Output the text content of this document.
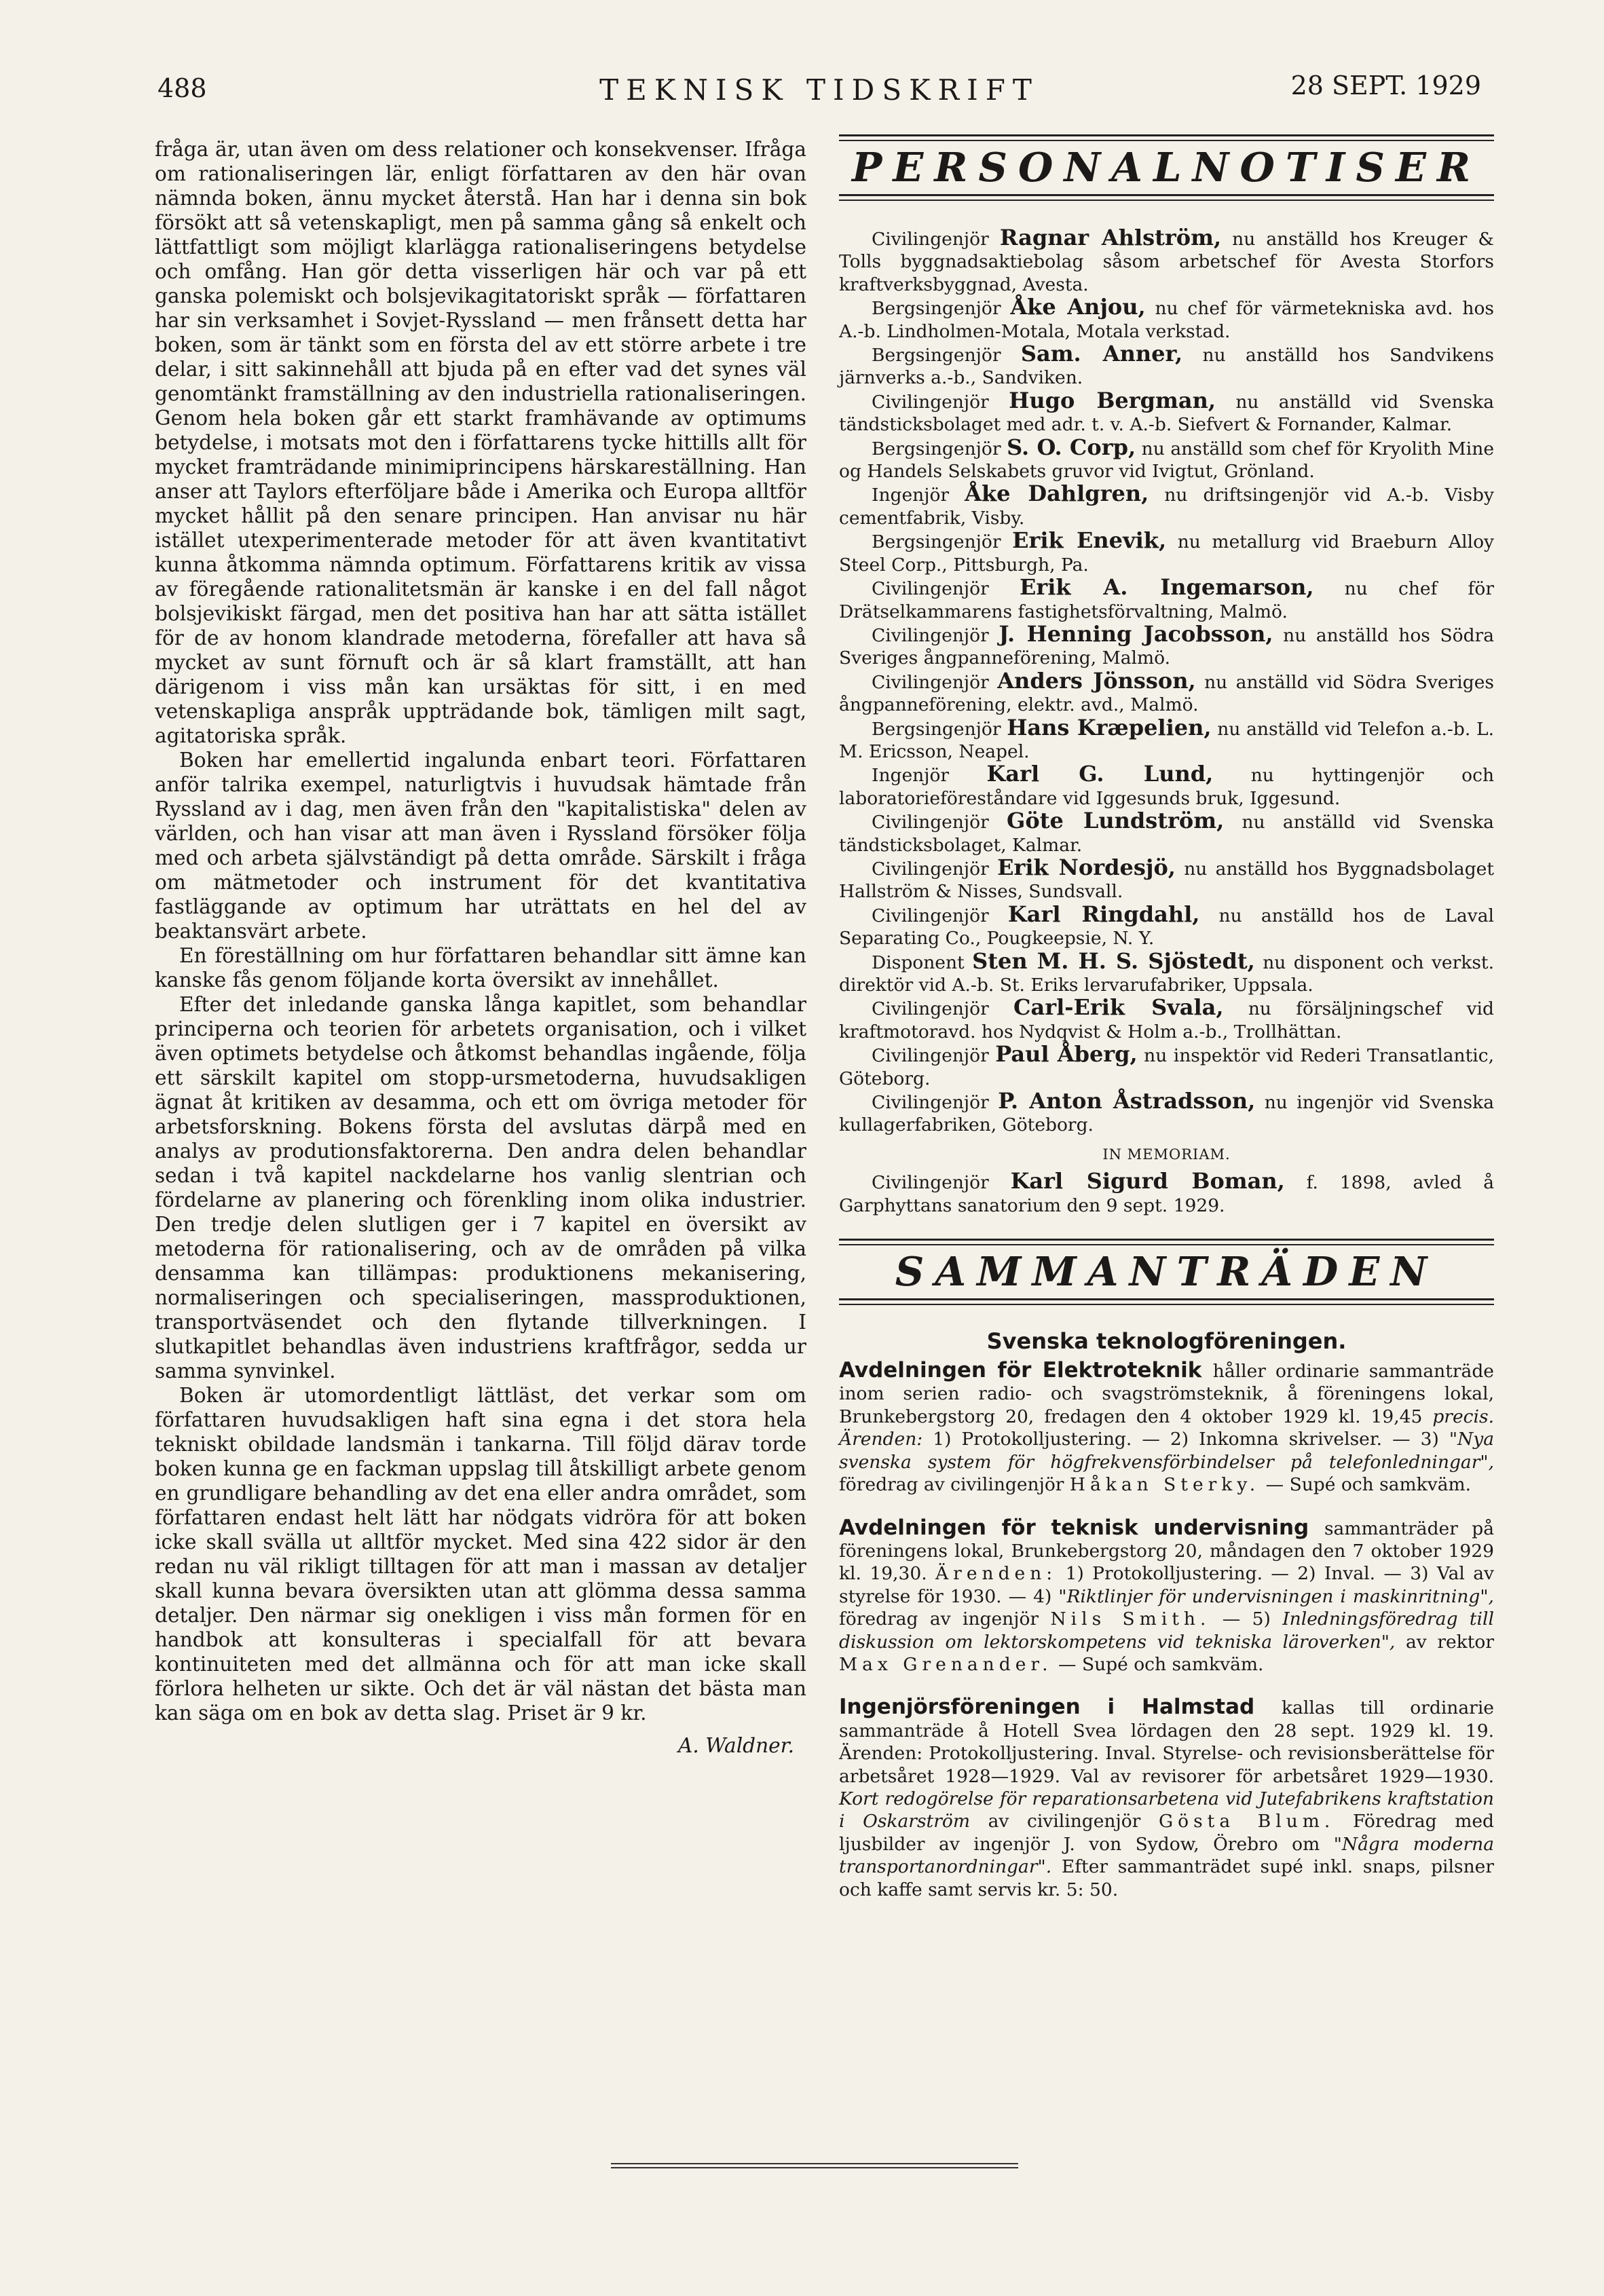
488	TEKNISK TIDSKRIFT	28 SEPT. 1929

fråga är, utan även om dess relationer och konsekvenser. Ifråga om rationaliseringen lär, enligt författaren av den här ovan nämnda boken, ännu mycket återstå. Han har i denna sin bok försökt att så vetenskapligt, men på samma gång så enkelt och lättfattligt som möjligt klarlägga rationaliseringens betydelse och omfång. Han gör detta visserligen här och var på ett ganska polemiskt och bolsjevikagitatoriskt språk — författaren har sin verksamhet i Sovjet-Ryssland — men frånsett detta har boken, som är tänkt som en första del av ett större arbete i tre delar, i sitt sakinnehåll att bjuda på en efter vad det synes väl genomtänkt framställning av den industriella rationaliseringen. Genom hela boken går ett starkt framhävande av optimums betydelse, i motsats mot den i författarens tycke hittills allt för mycket framträdande minimiprincipens härskareställning. Han anser att Taylors efterföljare både i Amerika och Europa alltför mycket hållit på den senare principen. Han anvisar nu här istället utexperimenterade metoder för att även kvantitativt kunna åtkomma nämnda optimum. Författarens kritik av vissa av föregående rationalitetsmän är kanske i en del fall något bolsjevikiskt färgad, men det positiva han har att sätta istället för de av honom klandrade metoderna, förefaller att hava så mycket av sunt förnuft och är så klart framställt, att han därigenom i viss mån kan ursäktas för sitt, i en med vetenskapliga anspråk uppträdande bok, tämligen milt sagt, agitatoriska språk.

Boken har emellertid ingalunda enbart teori. Författaren anför talrika exempel, naturligtvis i huvudsak hämtade från Ryssland av i dag, men även från den "kapitalistiska" delen av världen, och han visar att man även i Ryssland försöker följa med och arbeta självständigt på detta område. Särskilt i fråga om mätmetoder och instrument för det kvantitativa fastläggande av optimum har uträttats en hel del av beaktansvärt arbete.

En föreställning om hur författaren behandlar sitt ämne kan kanske fås genom följande korta översikt av innehållet.

Efter det inledande ganska långa kapitlet, som behandlar principerna och teorien för arbetets organisation, och i vilket även optimets betydelse och åtkomst behandlas ingående, följa ett särskilt kapitel om stopp-ursmetoderna, huvudsakligen ägnat åt kritiken av desamma, och ett om övriga metoder för arbetsforskning. Bokens första del avslutas därpå med en analys av produtionsfaktorerna. Den andra delen behandlar sedan i två kapitel nackdelarne hos vanlig slentrian och fördelarne av planering och förenkling inom olika industrier. Den tredje delen slutligen ger i 7 kapitel en översikt av metoderna för rationalisering, och av de områden på vilka densamma kan tillämpas: produktionens mekanisering, normaliseringen och specialiseringen, massproduktionen, transportväsendet och den flytande tillverkningen. I slutkapitlet behandlas även industriens kraftfrågor, sedda ur samma synvinkel.

Boken är utomordentligt lättläst, det verkar som om författaren huvudsakligen haft sina egna i det stora hela tekniskt obildade landsmän i tankarna. Till följd därav torde boken kunna ge en fackman uppslag till åtskilligt arbete genom en grundligare behandling av det ena eller andra området, som författaren endast helt lätt har nödgats vidröra för att boken icke skall svälla ut alltför mycket. Med sina 422 sidor är den redan nu väl rikligt tilltagen för att man i massan av detaljer skall kunna bevara översikten utan att glömma dessa samma detaljer. Den närmar sig onekligen i viss mån formen för en handbok att konsulteras i specialfall för att bevara kontinuiteten med det allmänna och för att man icke skall förlora helheten ur sikte. Och det är väl nästan det bästa man kan säga om en bok av detta slag. Priset är 9 kr.

A. Waldner.
PERSONALNOTISER

Civilingenjör Ragnar Ahlström, nu anställd hos Kreuger & Tolls byggnadsaktiebolag såsom arbetschef för Avesta Storfors kraftverksbyggnad, Avesta.

Bergsingenjör Åke Anjou, nu chef för värmetekniska avd. hos A.-b. Lindholmen-Motala, Motala verkstad.

Bergsingenjör Sam. Anner, nu anställd hos Sandvikens järnverks a.-b., Sandviken.

Civilingenjör Hugo Bergman, nu anställd vid Svenska tändsticksbolaget med adr. t. v. A.-b. Siefvert & Fornander, Kalmar.

Bergsingenjör S. O. Corp, nu anställd som chef för Kryolith Mine og Handels Selskabets gruvor vid Ivigtut, Grönland.

Ingenjör Åke Dahlgren, nu driftsingenjör vid A.-b. Visby cementfabrik, Visby.

Bergsingenjör Erik Enevik, nu metallurg vid Braeburn Alloy Steel Corp., Pittsburgh, Pa.

Civilingenjör Erik A. Ingemarson, nu chef för Drätselkammarens fastighetsförvaltning, Malmö.

Civilingenjör J. Henning Jacobsson, nu anställd hos Södra Sveriges ångpanneförening, Malmö.

Civilingenjör Anders Jönsson, nu anställd vid Södra Sveriges ångpanneförening, elektr. avd., Malmö.

Bergsingenjör Hans Kræpelien, nu anställd vid Telefon a.-b. L. M. Ericsson, Neapel.

Ingenjör Karl G. Lund, nu hyttingenjör och laboratorieföreståndare vid Iggesunds bruk, Iggesund.

Civilingenjör Göte Lundström, nu anställd vid Svenska tändsticksbolaget, Kalmar.

Civilingenjör Erik Nordesjö, nu anställd hos Byggnadsbolaget Hallström & Nisses, Sundsvall.

Civilingenjör Karl Ringdahl, nu anställd hos de Laval Separating Co., Pougkeepsie, N. Y.

Disponent Sten M. H. S. Sjöstedt, nu disponent och verkst. direktör vid A.-b. St. Eriks lervarufabriker, Uppsala.

Civilingenjör Carl-Erik Svala, nu försäljningschef vid kraftmotoravd. hos Nydqvist & Holm a.-b., Trollhättan.

Civilingenjör Paul Åberg, nu inspektör vid Rederi Transatlantic, Göteborg.

Civilingenjör P. Anton Åstradsson, nu ingenjör vid Svenska kullagerfabriken, Göteborg.

IN MEMORIAM.

Civilingenjör Karl Sigurd Boman, f. 1898, avled å Garphyttans sanatorium den 9 sept. 1929.

SAMMANTRÄDEN
Svenska teknologföreningen.

Avdelningen för Elektroteknik håller ordinarie sammanträde inom serien radio- och svagströmsteknik, å föreningens lokal, Brunkebergstorg 20, fredagen den 4 oktober 1929 kl. 19,45 precis. Ärenden: 1) Protokolljustering. — 2) Inkomna skrivelser. — 3) "Nya svenska system för högfrekvensförbindelser på telefonledningar", föredrag av civilingenjör Håkan Sterky. — Supé och samkväm.

Avdelningen för teknisk undervisning sammanträder på föreningens lokal, Brunkebergstorg 20, måndagen den 7 oktober 1929 kl. 19,30. Ärenden: 1) Protokolljustering. — 2) Inval. — 3) Val av styrelse för 1930. — 4) "Riktlinjer för undervisningen i maskinritning", föredrag av ingenjör Nils Smith. — 5) Inledningsföredrag till diskussion om lektorskompetens vid tekniska läroverken", av rektor Max Grenander. — Supé och samkväm.

Ingenjörsföreningen i Halmstad kallas till ordinarie sammanträde å Hotell Svea lördagen den 28 sept. 1929 kl. 19. Ärenden: Protokolljustering. Inval. Styrelse- och revisionsberättelse för arbetsåret 1928—1929. Val av revisorer för arbetsåret 1929—1930. Kort redogörelse för reparationsarbetena vid Jutefabrikens kraftstation i Oskarström av civilingenjör Gösta Blum. Föredrag med ljusbilder av ingenjör J. von Sydow, Örebro om "Några moderna transportanordningar". Efter sammanträdet supé inkl. snaps, pilsner och kaffe samt servis kr. 5: 50.
